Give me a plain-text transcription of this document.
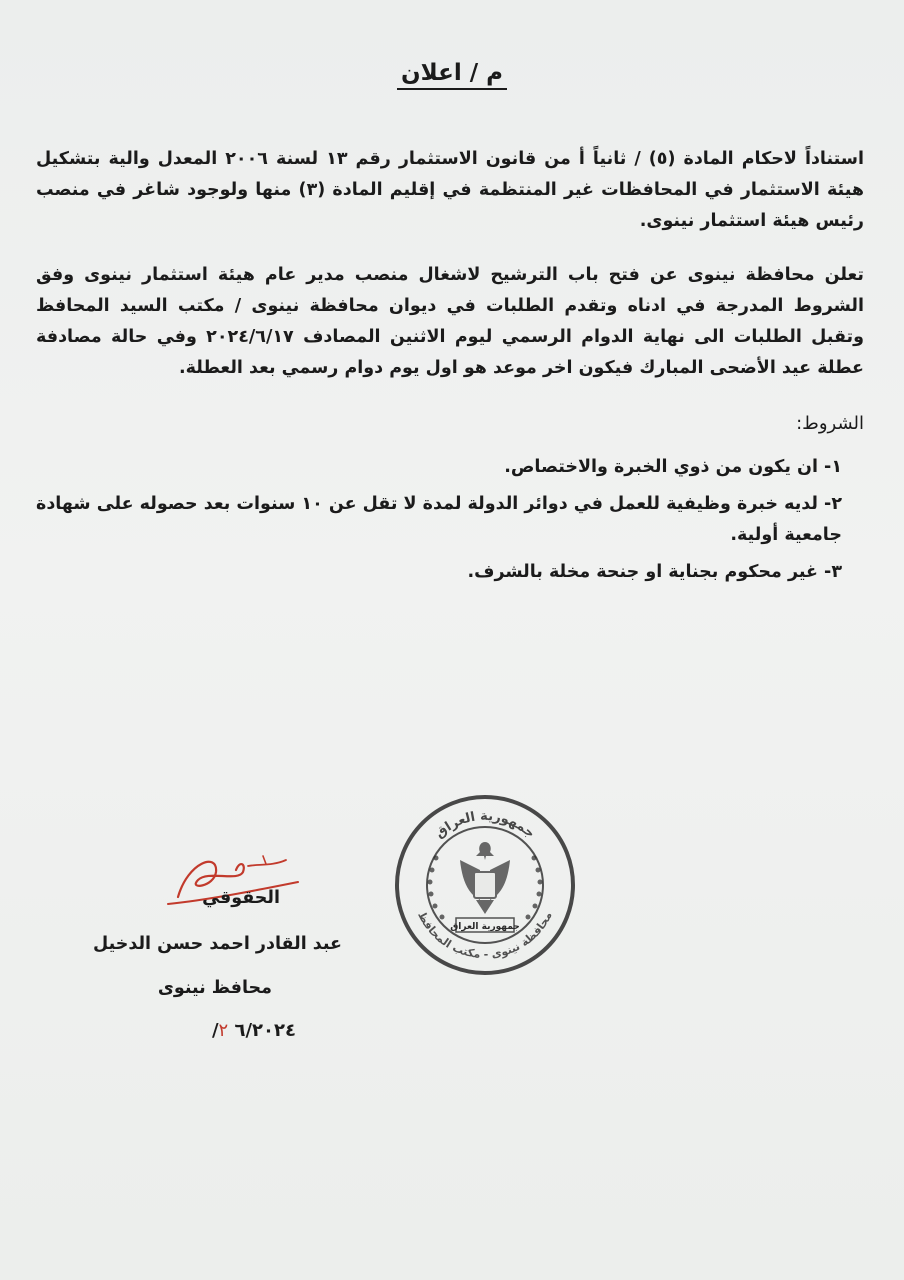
م / اعلان
استناداً لاحكام المادة (٥) / ثانياً أ من قانون الاستثمار رقم ١٣ لسنة ٢٠٠٦ المعدل والية بتشكيل هيئة الاستثمار في المحافظات غير المنتظمة في إقليم المادة (٣) منها ولوجود شاغر في منصب رئيس هيئة استثمار نينوى.
تعلن محافظة نينوى عن فتح باب الترشيح لاشغال منصب مدير عام هيئة استثمار نينوى وفق الشروط المدرجة في ادناه وتقدم الطلبات في ديوان محافظة نينوى / مكتب السيد المحافظ وتقبل الطلبات الى نهاية الدوام الرسمي ليوم الاثنين المصادف ٢٠٢٤/٦/١٧ وفي حالة مصادفة عطلة عيد الأضحى المبارك فيكون اخر موعد هو اول يوم دوام رسمي بعد العطلة.
الشروط:
١- ان يكون من ذوي الخبرة والاختصاص.
٢- لديه خبرة وظيفية للعمل في دوائر الدولة لمدة لا تقل عن ١٠ سنوات بعد حصوله على شهادة جامعية أولية.
٣- غير محكوم بجناية او جنحة مخلة بالشرف.
جمهورية العراق
محافظة نينوى - مكتب المحافظ
جمهورية العراق
الحقوقي
عبد القادر احمد حسن الدخيل
محافظ نينوى
/٦/٢٠٢٤ ٢
